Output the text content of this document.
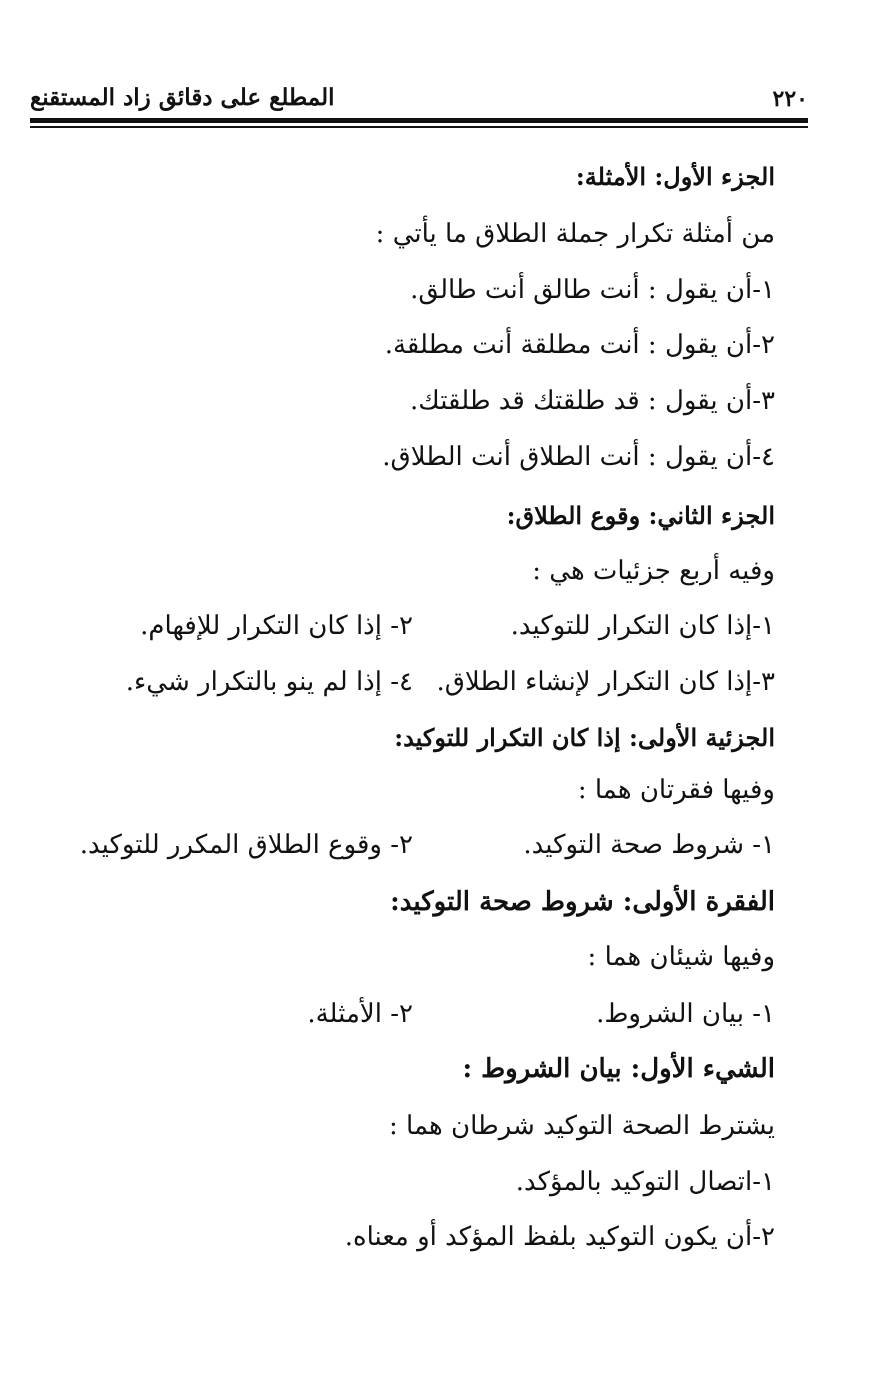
٢٢٠
المطلع على دقائق زاد المستقنع
الجزء الأول: الأمثلة:
من أمثلة تكرار جملة الطلاق ما يأتي :
١-أن يقول : أنت طالق أنت طالق.
٢-أن يقول : أنت مطلقة أنت مطلقة.
٣-أن يقول : قد طلقتك قد طلقتك.
٤-أن يقول : أنت الطلاق أنت الطلاق.
الجزء الثاني: وقوع الطلاق:
وفيه أربع جزئيات هي :
١-إذا كان التكرار للتوكيد.
٢- إذا كان التكرار للإفهام.
٣-إذا كان التكرار لإنشاء الطلاق.
٤- إذا لم ينو بالتكرار شيء.
الجزئية الأولى: إذا كان التكرار للتوكيد:
وفيها فقرتان هما :
١- شروط صحة التوكيد.
٢- وقوع الطلاق المكرر للتوكيد.
الفقرة الأولى: شروط صحة التوكيد:
وفيها شيئان هما :
١- بيان الشروط.
٢- الأمثلة.
الشيء الأول: بيان الشروط :
يشترط الصحة التوكيد شرطان هما :
١-اتصال التوكيد بالمؤكد.
٢-أن يكون التوكيد بلفظ المؤكد أو معناه.
